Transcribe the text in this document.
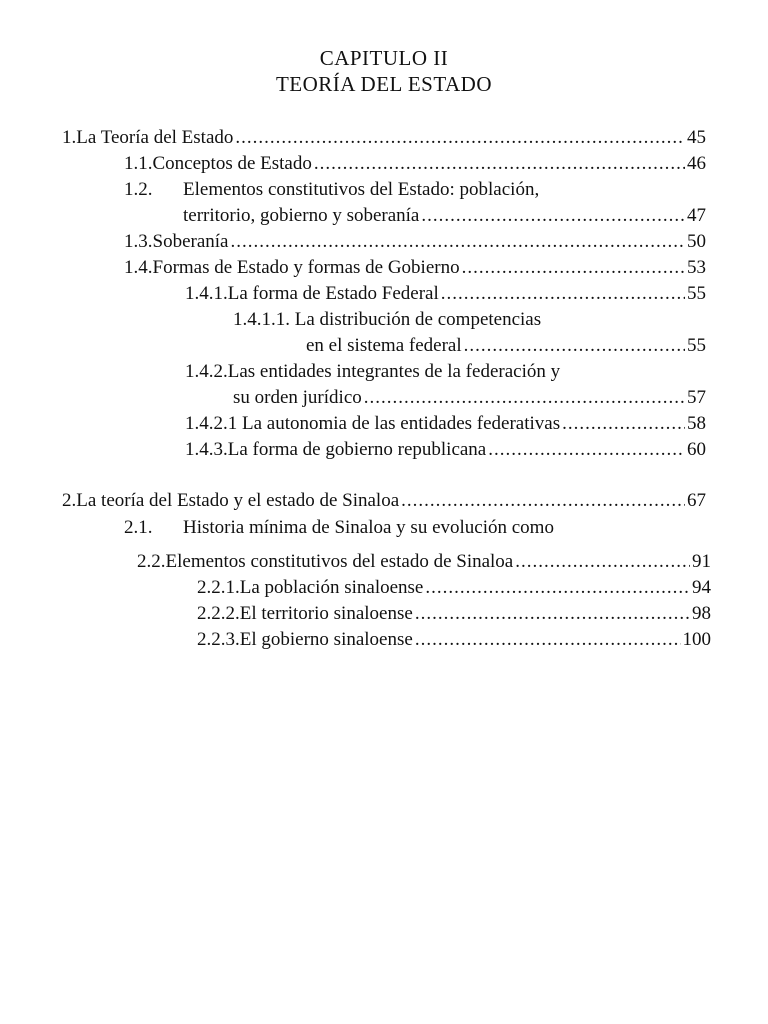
CAPITULO II
TEORÍA DEL ESTADO
1. La Teoría del Estado .....	45
1.1. Conceptos de Estado .....	46
1.2. Elementos constitutivos del Estado: población,
territorio, gobierno y soberanía .....	47
1.3. Soberanía .....	50
1.4. Formas de Estado y formas de Gobierno .....	53
1.4.1.La forma de Estado Federal .....	55
1.4.1.1. La distribución de competencias
en el sistema federal .....	55
1.4.2.Las entidades integrantes de la federación y
su orden jurídico .....	57
1.4.2.1 La autonomia de las entidades federativas .....	58
1.4.3.La forma de gobierno republicana .....	60
2. La teoría del Estado y el estado de Sinaloa .....	67
2.1. Historia mínima de Sinaloa y su evolución como
2.2. Elementos constitutivos del estado de Sinaloa .....	91
2.2.1.La población sinaloense .....	94
2.2.2.El territorio sinaloense .....	98
2.2.3.El gobierno sinaloense .....	100
